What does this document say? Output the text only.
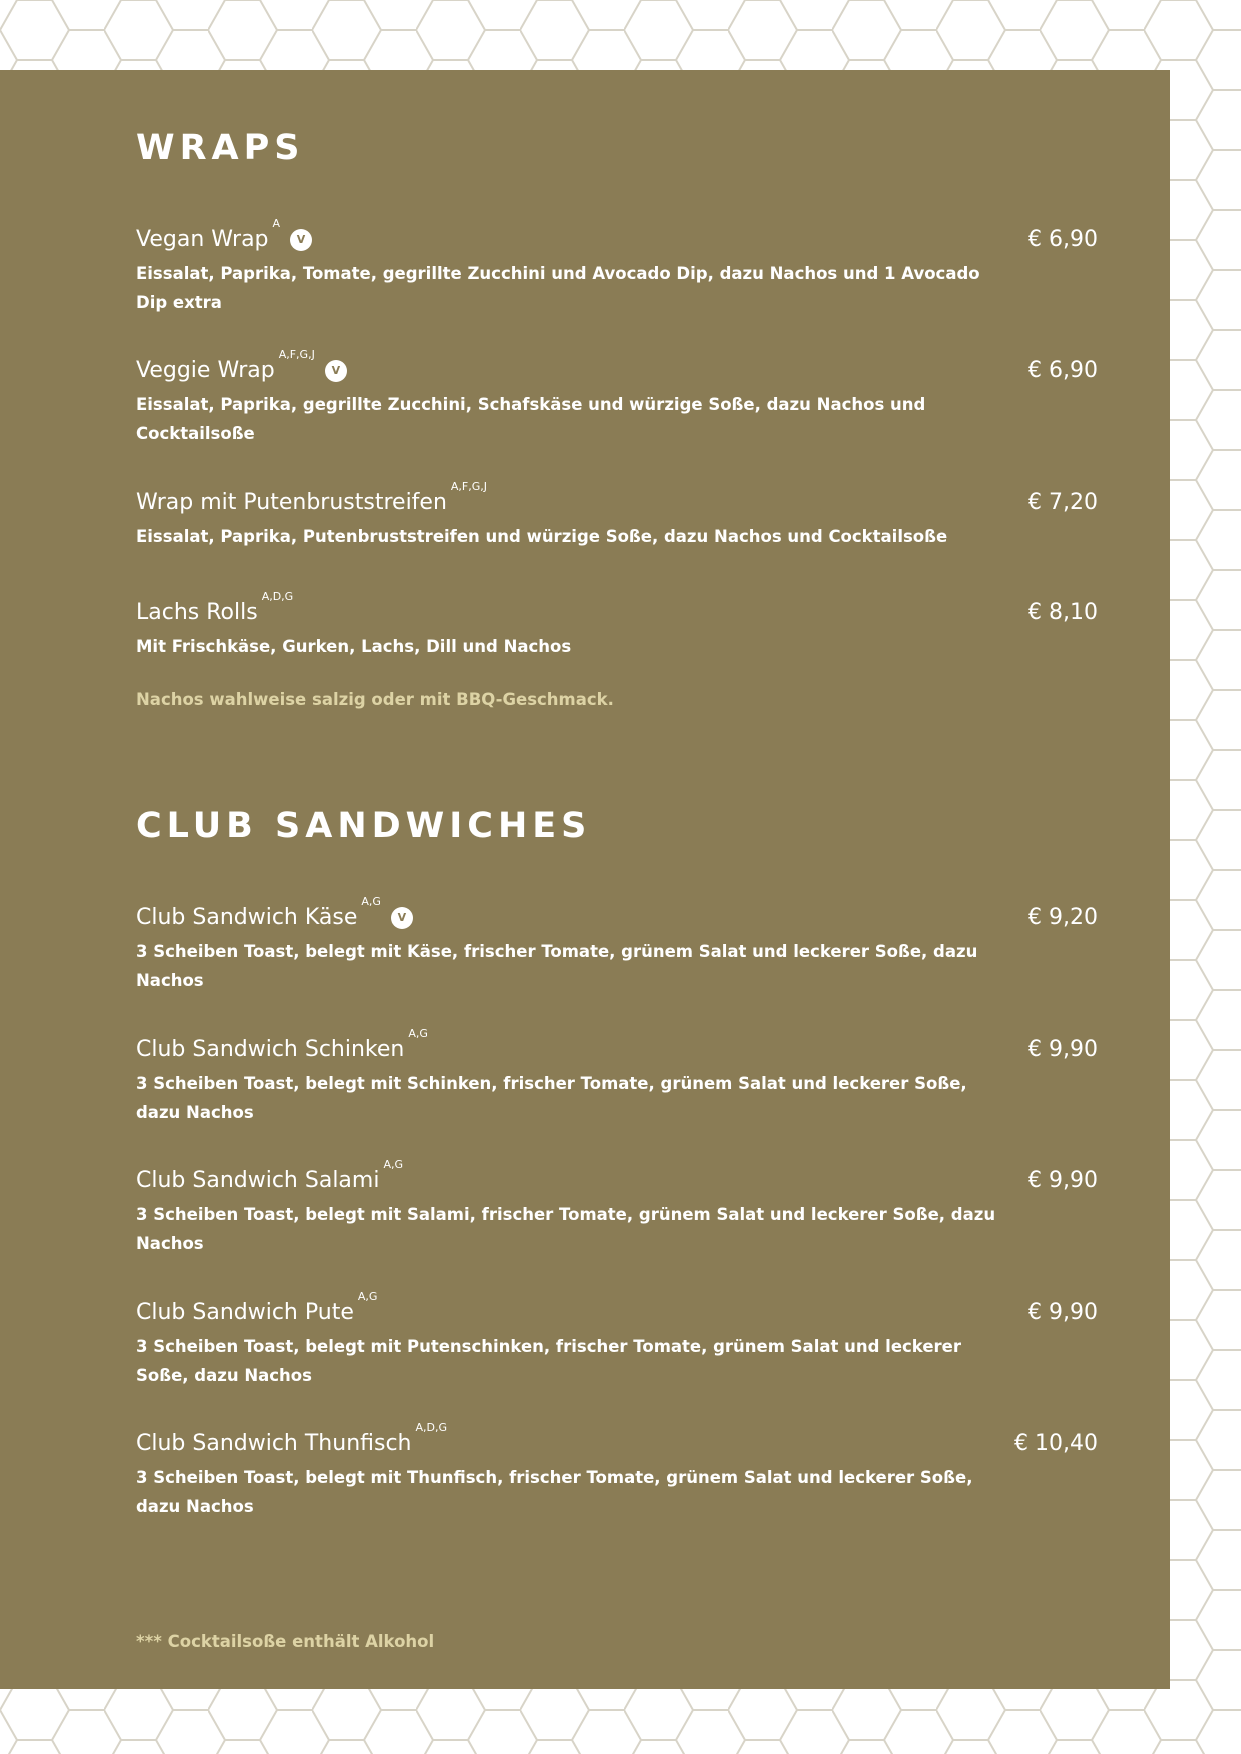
WRAPS
Vegan Wrap$^A$V	€ 6,90
Eissalat, Paprika, Tomate, gegrillte Zucchini und Avocado Dip, dazu Nachos und 1 Avocado Dip extra
Veggie Wrap$^{A,F,G,J}$V	€ 6,90
Eissalat, Paprika, gegrillte Zucchini, Schafskäse und würzige Soße, dazu Nachos und Cocktailsoße
Wrap mit Putenbruststreifen$^{A,F,G,J}$
€ 7,20
Eissalat, Paprika, Putenbruststreifen und würzige Soße, dazu Nachos und Cocktailsoße
Lachs Rolls$^{A,D,G}$
€ 8,10
Mit Frischkäse, Gurken, Lachs, Dill und Nachos
Nachos wahlweise salzig oder mit BBQ-Geschmack.
CLUB SANDWICHES
Club Sandwich Käse$^{A,G}$V	€ 9,20
3 Scheiben Toast, belegt mit Käse, frischer Tomate, grünem Salat und leckerer Soße, dazu Nachos
Club Sandwich Schinken$^{A,G}$
€ 9,90
3 Scheiben Toast, belegt mit Schinken, frischer Tomate, grünem Salat und leckerer Soße, dazu Nachos
Club Sandwich Salami$^{A,G}$
€ 9,90
3 Scheiben Toast, belegt mit Salami, frischer Tomate, grünem Salat und leckerer Soße, dazu Nachos
Club Sandwich Pute$^{A,G}$
€ 9,90
3 Scheiben Toast, belegt mit Putenschinken, frischer Tomate, grünem Salat und leckerer Soße, dazu Nachos
Club Sandwich Thunfisch$^{A,D,G}$
€ 10,40
3 Scheiben Toast, belegt mit Thunfisch, frischer Tomate, grünem Salat und leckerer Soße, dazu Nachos
*** Cocktailsoße enthält Alkohol
